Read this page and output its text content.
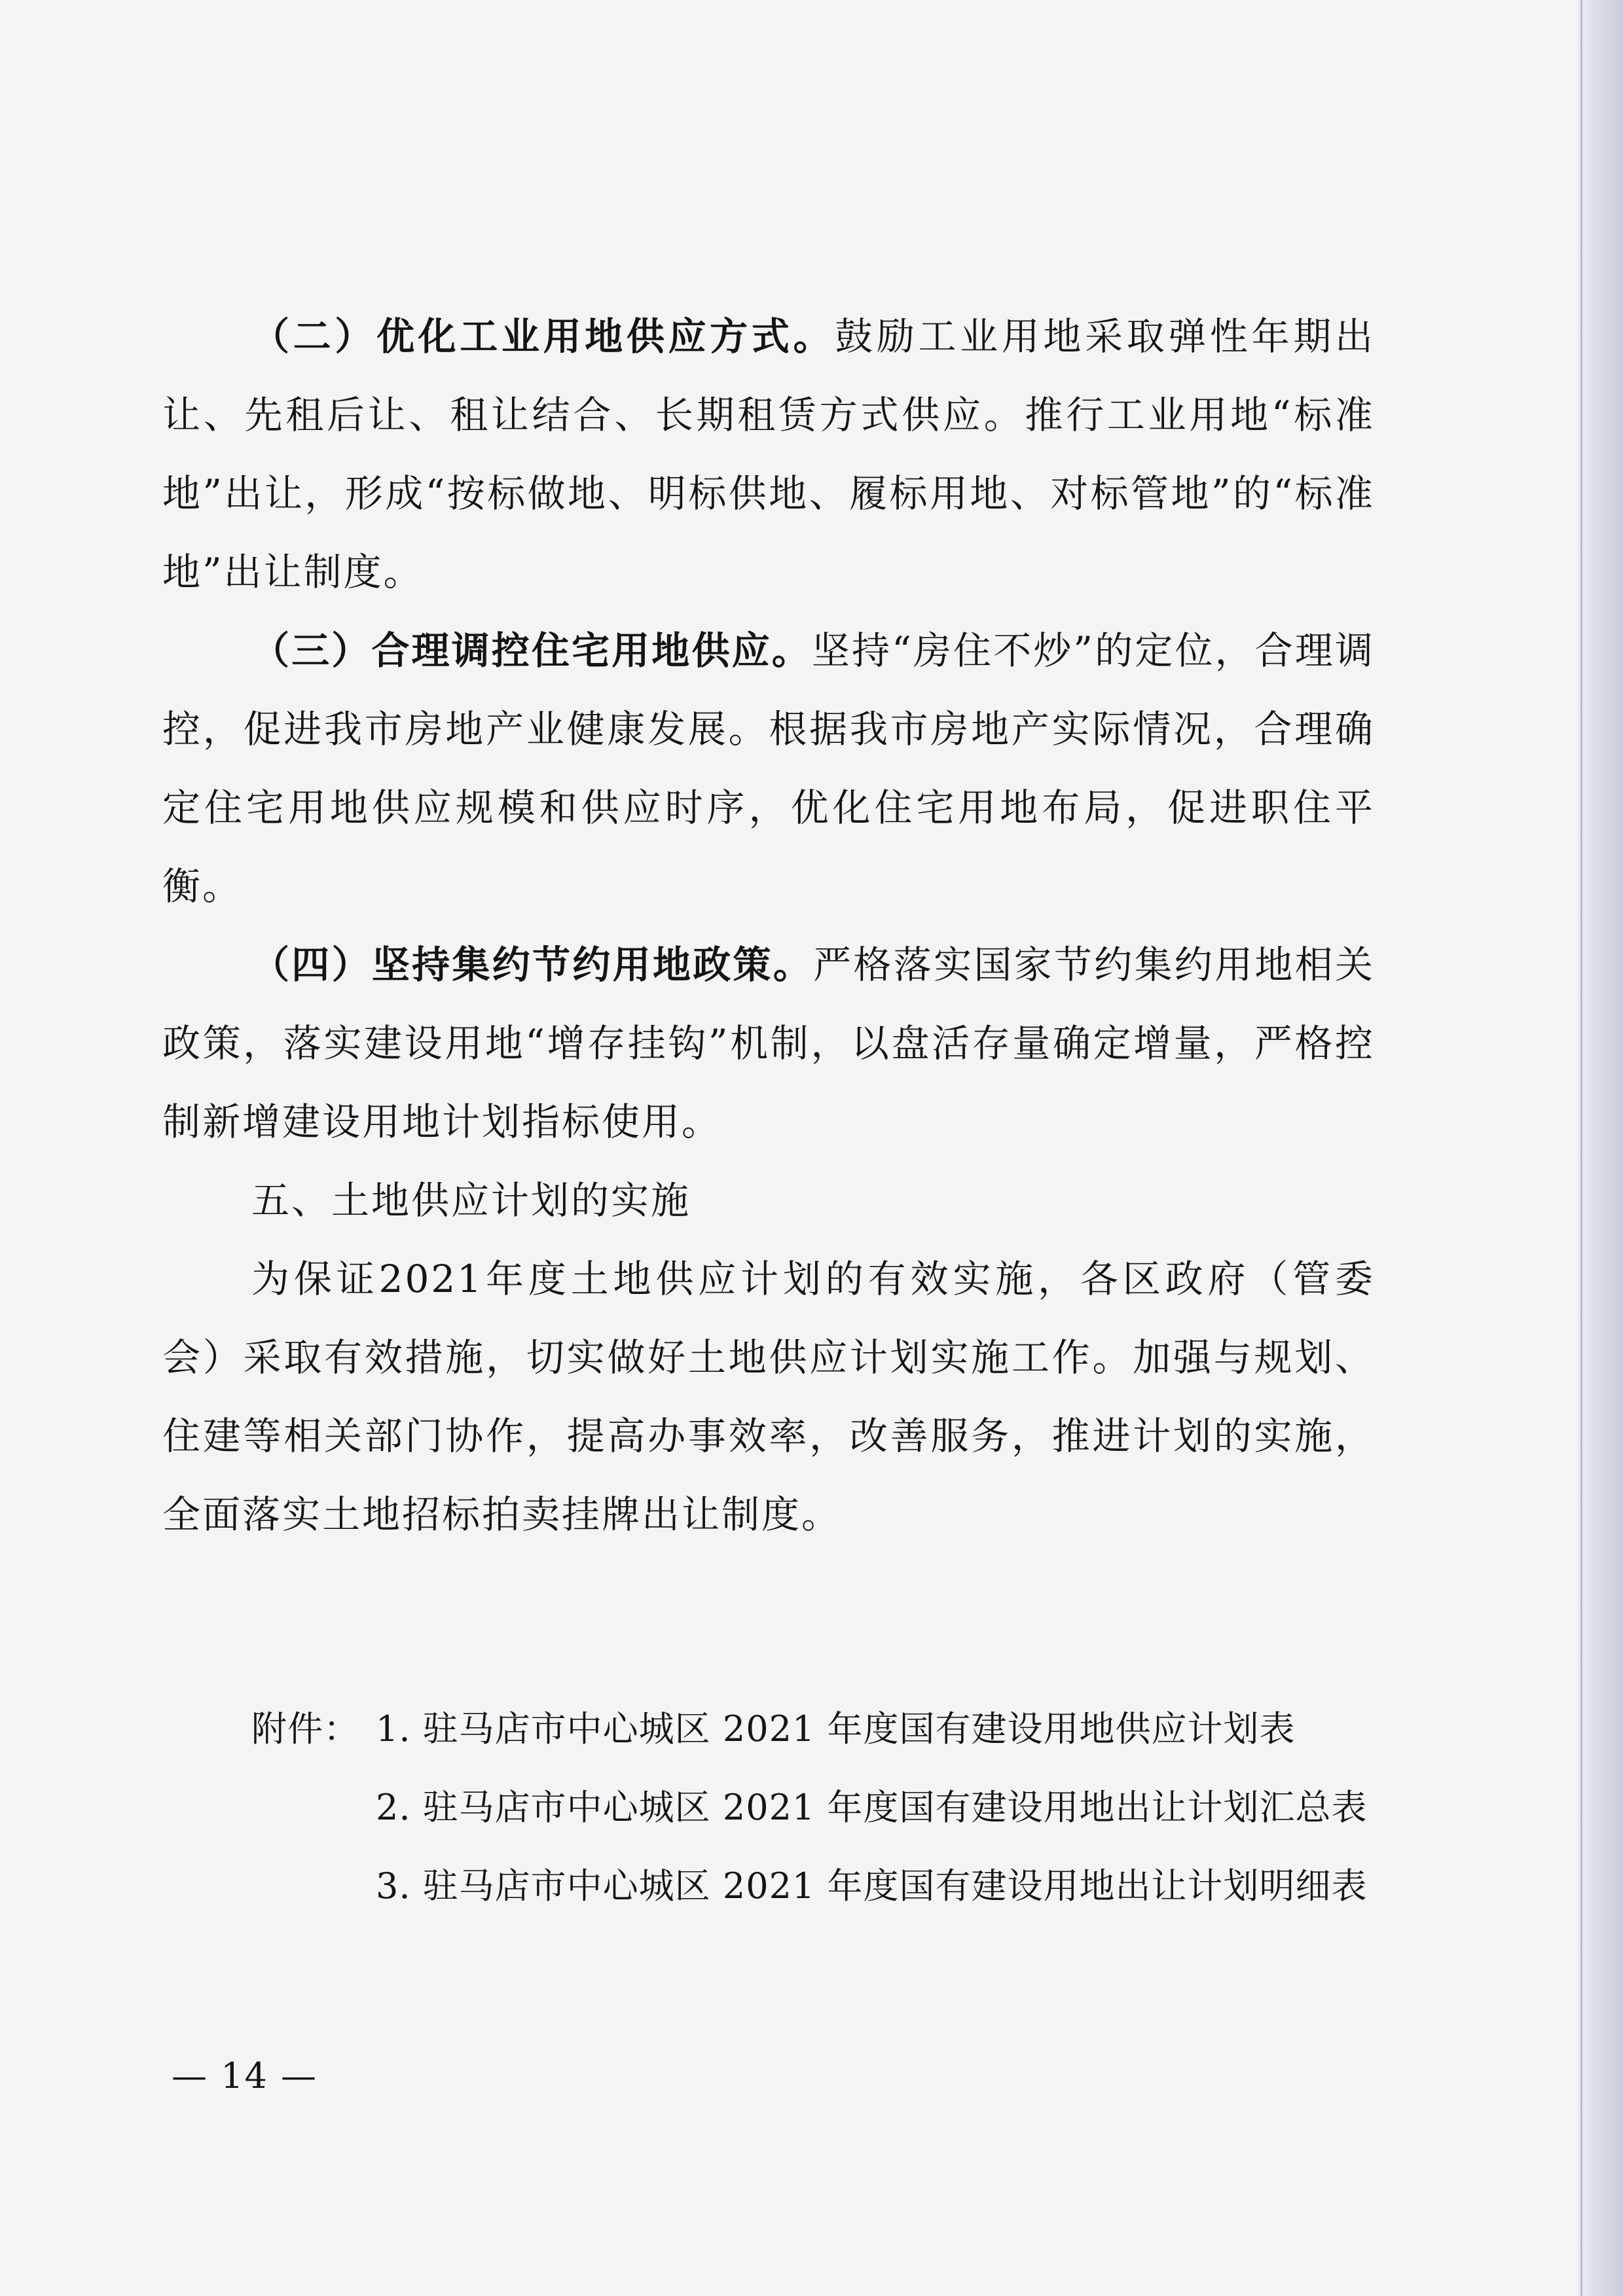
（二）优化工业用地供应方式。鼓励工业用地采取弹性年期出让、先租后让、租让结合、长期租赁方式供应。推行工业用地“标准地”出让，形成“按标做地、明标供地、履标用地、对标管地”的“标准地”出让制度。

（三）合理调控住宅用地供应。坚持“房住不炒”的定位，合理调控，促进我市房地产业健康发展。根据我市房地产实际情况，合理确定住宅用地供应规模和供应时序，优化住宅用地布局，促进职住平衡。

（四）坚持集约节约用地政策。严格落实国家节约集约用地相关政策，落实建设用地“增存挂钩”机制，以盘活存量确定增量，严格控制新增建设用地计划指标使用。

五、土地供应计划的实施

为保证2021年度土地供应计划的有效实施，各区政府（管委会）采取有效措施，切实做好土地供应计划实施工作。加强与规划、住建等相关部门协作，提高办事效率，改善服务，推进计划的实施，全面落实土地招标拍卖挂牌出让制度。

附件： 1. 驻马店市中心城区 2021 年度国有建设用地供应计划表
2. 驻马店市中心城区 2021 年度国有建设用地出让计划汇总表
3. 驻马店市中心城区 2021 年度国有建设用地出让计划明细表
— 14 —
